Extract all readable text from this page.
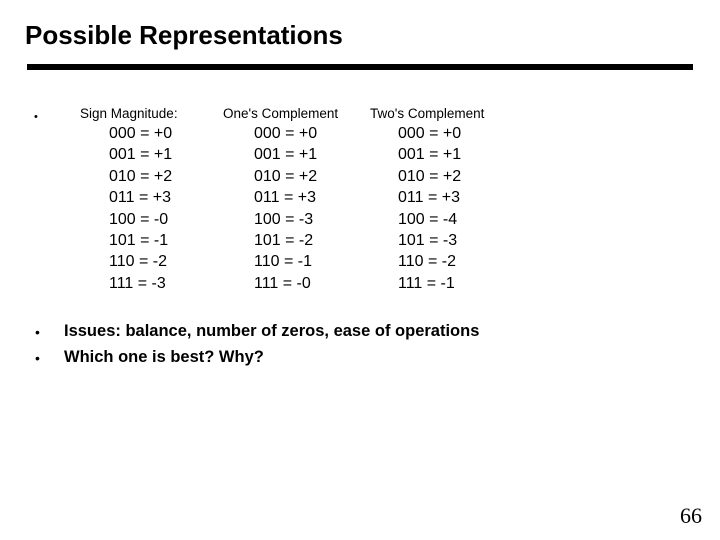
Possible Representations
•	Sign Magnitude:
000 = +0
001 = +1
010 = +2
011 = +3
100 = -0
101 = -1
110 = -2
111 = -3
One's Complement
000 = +0
001 = +1
010 = +2
011 = +3
100 = -3
101 = -2
110 = -1
111 = -0
Two's Complement
000 = +0
001 = +1
010 = +2
011 = +3
100 = -4
101 = -3
110 = -2
111 = -1
• Issues: balance, number of zeros, ease of operations
• Which one is best? Why?
66
